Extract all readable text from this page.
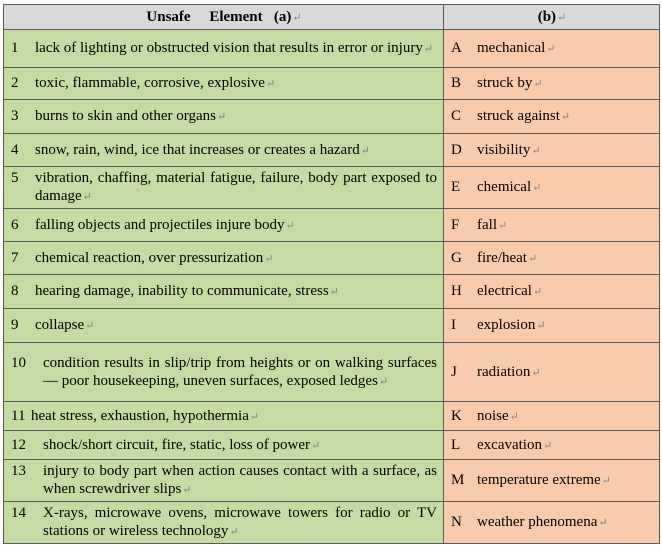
Unsafe Element (a)↵	(b)↵

1 lack of lighting or obstructed vision that results in error or injury↵	A mechanical↵

2 toxic, flammable, corrosive, explosive↵	B struck by↵

3 burns to skin and other organs↵	C struck against↵

4 snow, rain, wind, ice that increases or creates a hazard↵	D visibility↵

5 vibration, chaffing, material fatigue, failure, body part exposed to damage↵	E chemical↵

6 falling objects and projectiles injure body↵	F fall↵

7 chemical reaction, over pressurization↵	G fire/heat↵

8 hearing damage, inability to communicate, stress↵	H electrical↵

9 collapse↵	I explosion↵

10 condition results in slip/trip from heights or on walking surfaces — poor housekeeping, uneven surfaces, exposed ledges↵	J radiation↵

11 heat stress, exhaustion, hypothermia↵	K noise↵

12 shock/short circuit, fire, static, loss of power↵	L excavation↵

13 injury to body part when action causes contact with a surface, as when screwdriver slips↵	M temperature extreme↵

14 X-rays, microwave ovens, microwave towers for radio or TV stations or wireless technology↵	N weather phenomena↵
